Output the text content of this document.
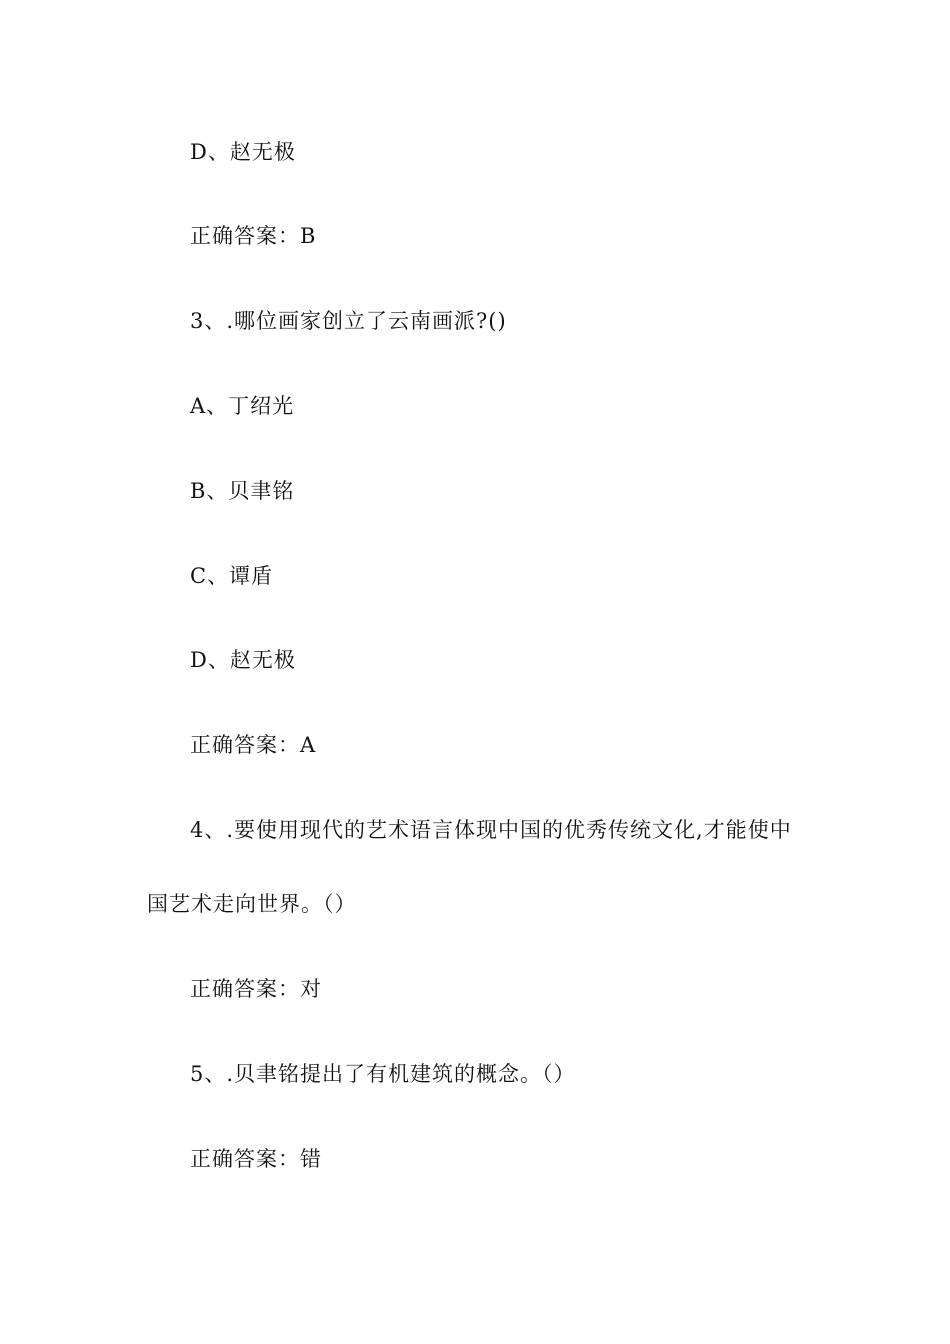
D、赵无极
正确答案：B
3、.哪位画家创立了云南画派?()
A、丁绍光
B、贝聿铭
C、谭盾
D、赵无极
正确答案：A
4、.要使用现代的艺术语言体现中国的优秀传统文化,才能使中
国艺术走向世界。（）
正确答案：对
5、.贝聿铭提出了有机建筑的概念。（）
正确答案：错
